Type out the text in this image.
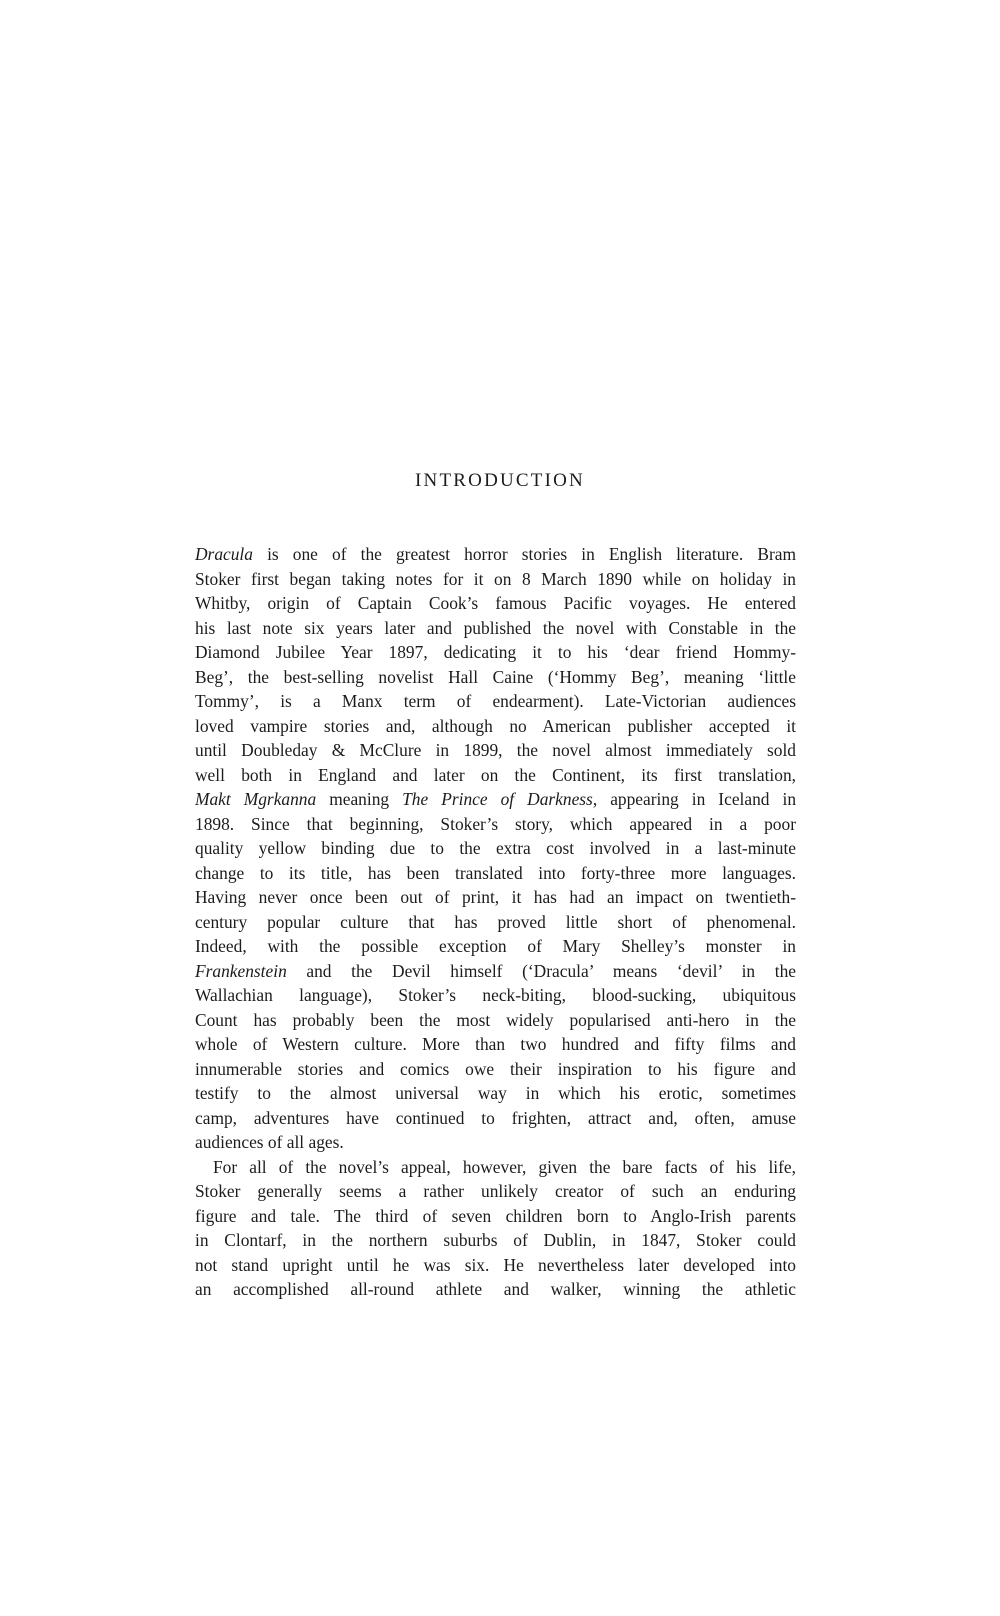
INTRODUCTION
Dracula is one of the greatest horror stories in English literature. Bram
Stoker first began taking notes for it on 8 March 1890 while on holiday in
Whitby, origin of Captain Cook’s famous Pacific voyages. He entered
his last note six years later and published the novel with Constable in the
Diamond Jubilee Year 1897, dedicating it to his ‘dear friend Hommy-
Beg’, the best-selling novelist Hall Caine (‘Hommy Beg’, meaning ‘little
Tommy’, is a Manx term of endearment). Late-Victorian audiences
loved vampire stories and, although no American publisher accepted it
until Doubleday & McClure in 1899, the novel almost immediately sold
well both in England and later on the Continent, its first translation,
Makt Mgrkanna meaning The Prince of Darkness, appearing in Iceland in
1898. Since that beginning, Stoker’s story, which appeared in a poor
quality yellow binding due to the extra cost involved in a last-minute
change to its title, has been translated into forty-three more languages.
Having never once been out of print, it has had an impact on twentieth-
century popular culture that has proved little short of phenomenal.
Indeed, with the possible exception of Mary Shelley’s monster in
Frankenstein and the Devil himself (‘Dracula’ means ‘devil’ in the
Wallachian language), Stoker’s neck-biting, blood-sucking, ubiquitous
Count has probably been the most widely popularised anti-hero in the
whole of Western culture. More than two hundred and fifty films and
innumerable stories and comics owe their inspiration to his figure and
testify to the almost universal way in which his erotic, sometimes
camp, adventures have continued to frighten, attract and, often, amuse
audiences of all ages.
For all of the novel’s appeal, however, given the bare facts of his life,
Stoker generally seems a rather unlikely creator of such an enduring
figure and tale. The third of seven children born to Anglo-Irish parents
in Clontarf, in the northern suburbs of Dublin, in 1847, Stoker could
not stand upright until he was six. He nevertheless later developed into
an accomplished all-round athlete and walker, winning the athletic
